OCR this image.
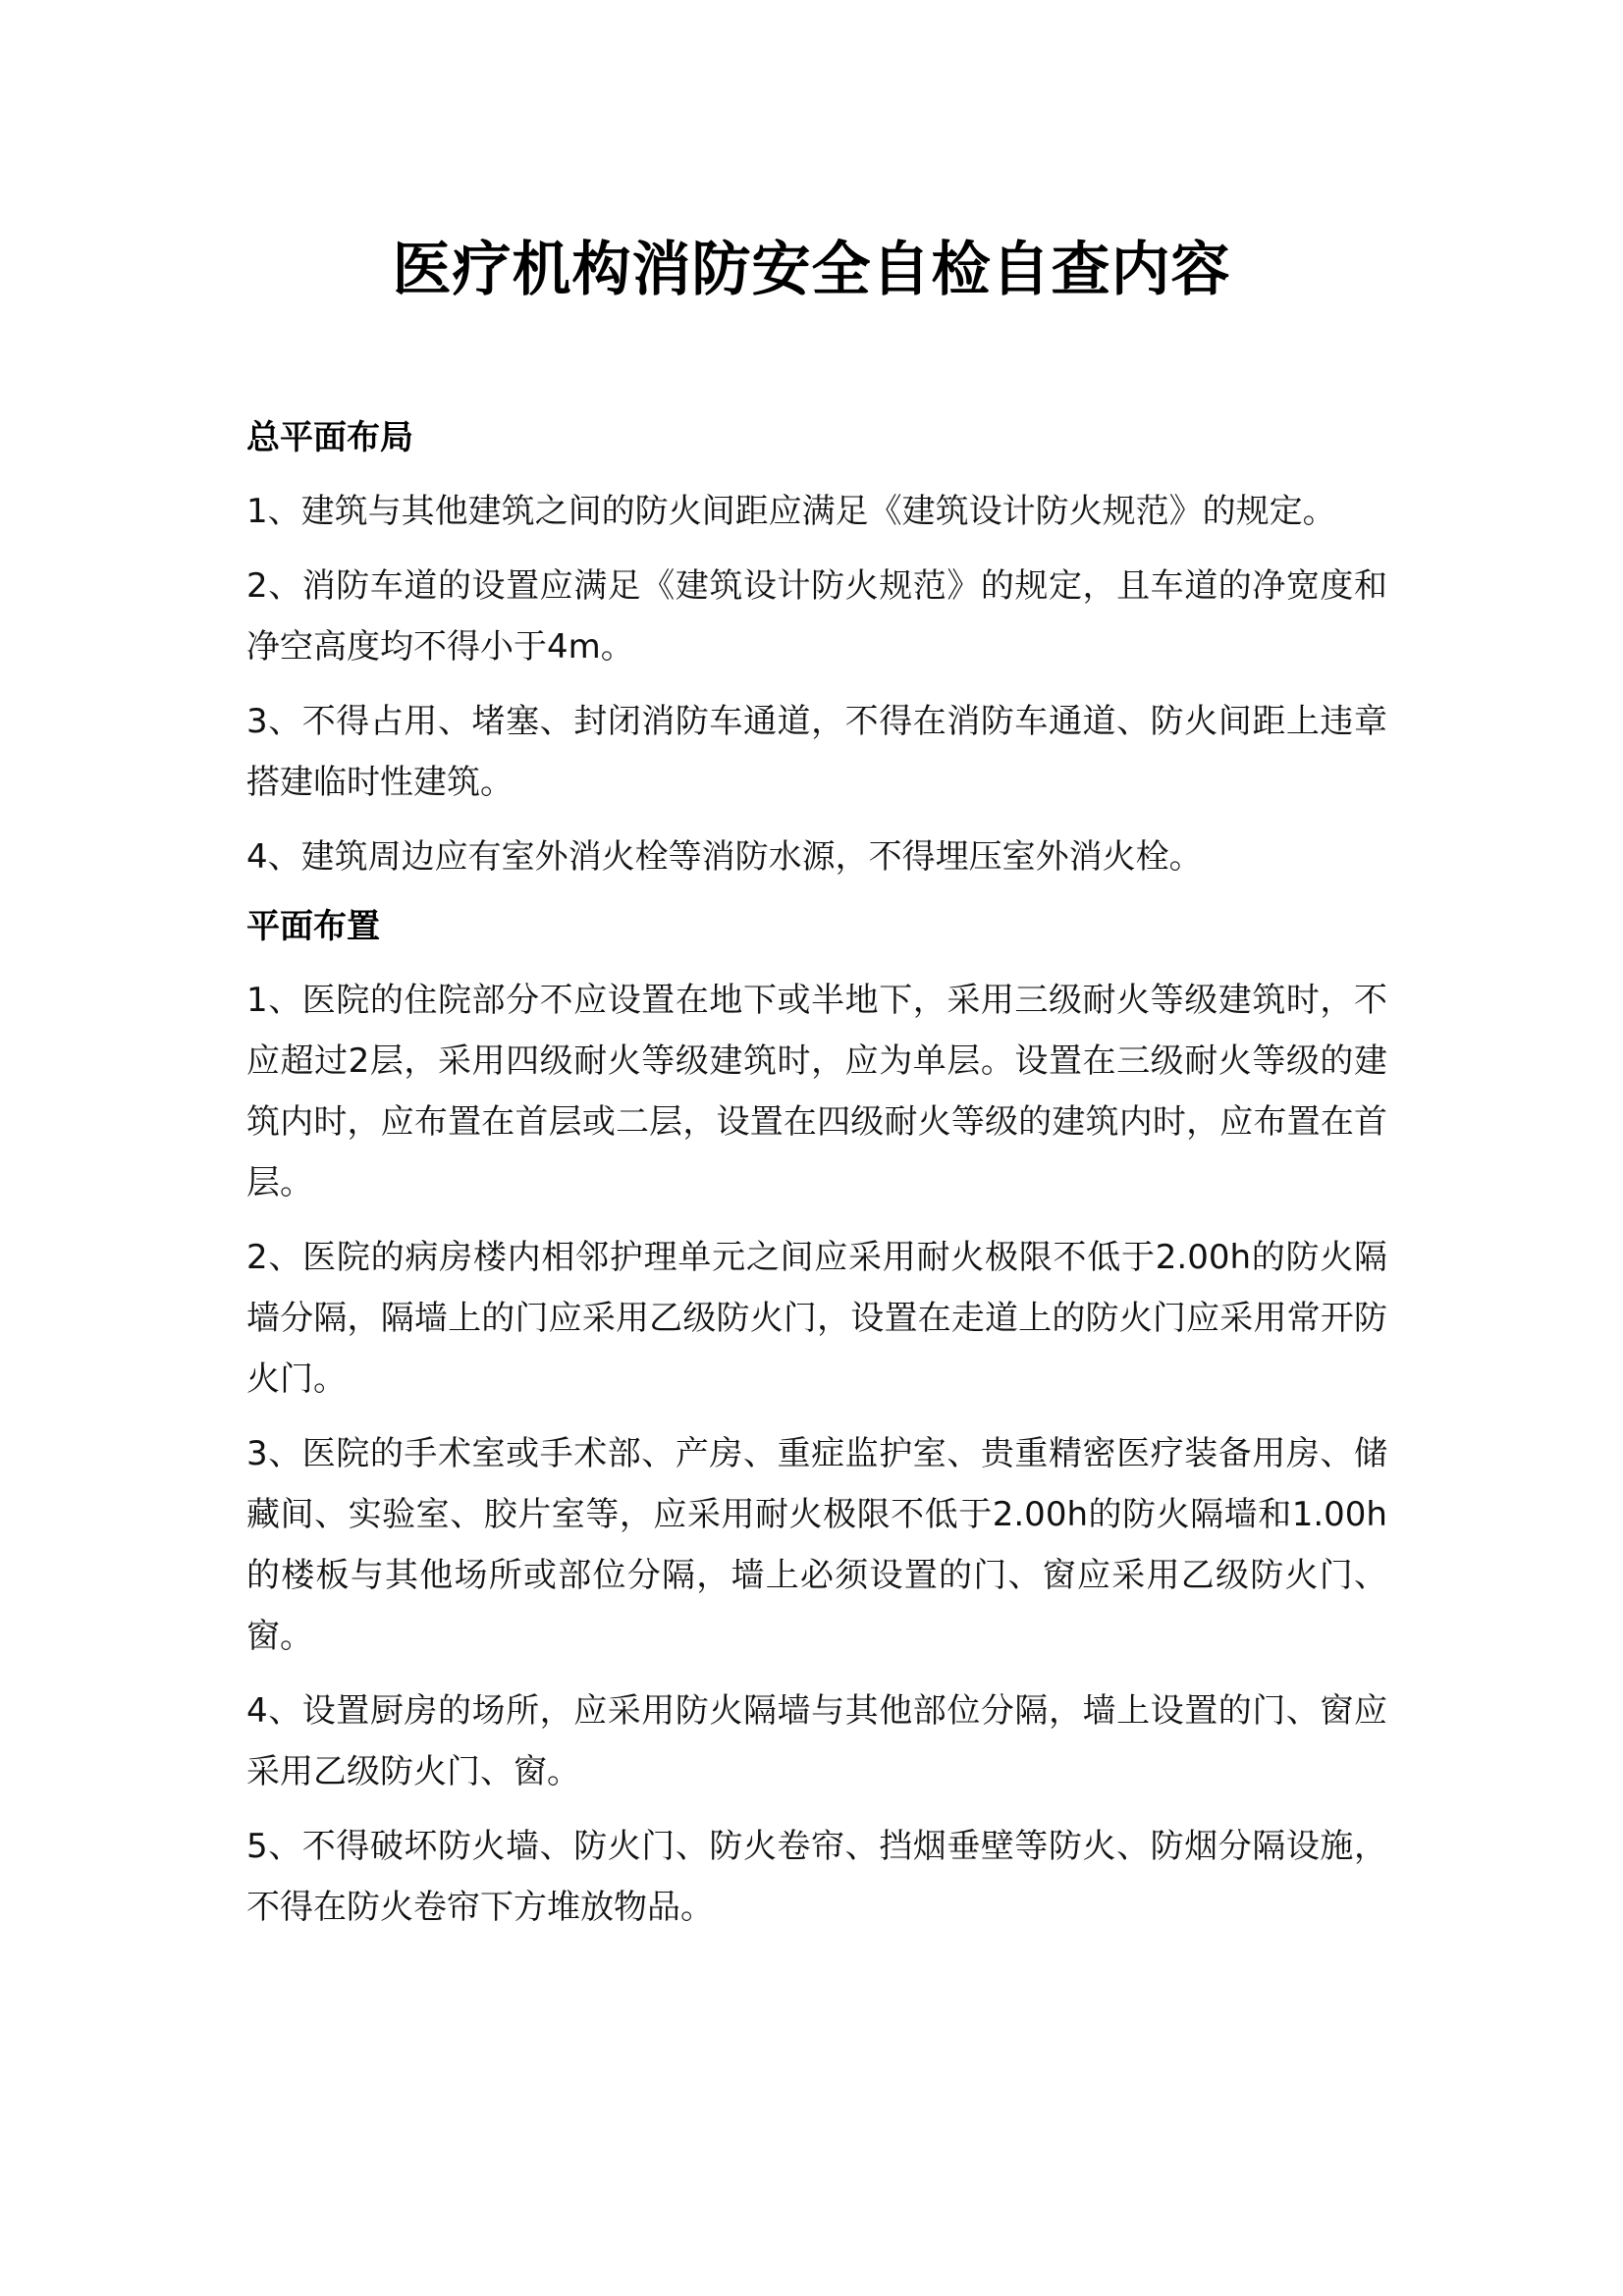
医疗机构消防安全自检自查内容
总平面布局

1、建筑与其他建筑之间的防火间距应满足《建筑设计防火规范》的规定。

2、消防车道的设置应满足《建筑设计防火规范》的规定，且车道的净宽度和净空高度均不得小于4m。

3、不得占用、堵塞、封闭消防车通道，不得在消防车通道、防火间距上违章搭建临时性建筑。

4、建筑周边应有室外消火栓等消防水源，不得埋压室外消火栓。

平面布置

1、医院的住院部分不应设置在地下或半地下，采用三级耐火等级建筑时，不应超过2层，采用四级耐火等级建筑时，应为单层。设置在三级耐火等级的建筑内时，应布置在首层或二层，设置在四级耐火等级的建筑内时，应布置在首层。

2、医院的病房楼内相邻护理单元之间应采用耐火极限不低于2.00h的防火隔墙分隔，隔墙上的门应采用乙级防火门，设置在走道上的防火门应采用常开防火门。

3、医院的手术室或手术部、产房、重症监护室、贵重精密医疗装备用房、储藏间、实验室、胶片室等，应采用耐火极限不低于2.00h的防火隔墙和1.00h的楼板与其他场所或部位分隔，墙上必须设置的门、窗应采用乙级防火门、窗。

4、设置厨房的场所，应采用防火隔墙与其他部位分隔，墙上设置的门、窗应采用乙级防火门、窗。

5、不得破坏防火墙、防火门、防火卷帘、挡烟垂壁等防火、防烟分隔设施，不得在防火卷帘下方堆放物品。
